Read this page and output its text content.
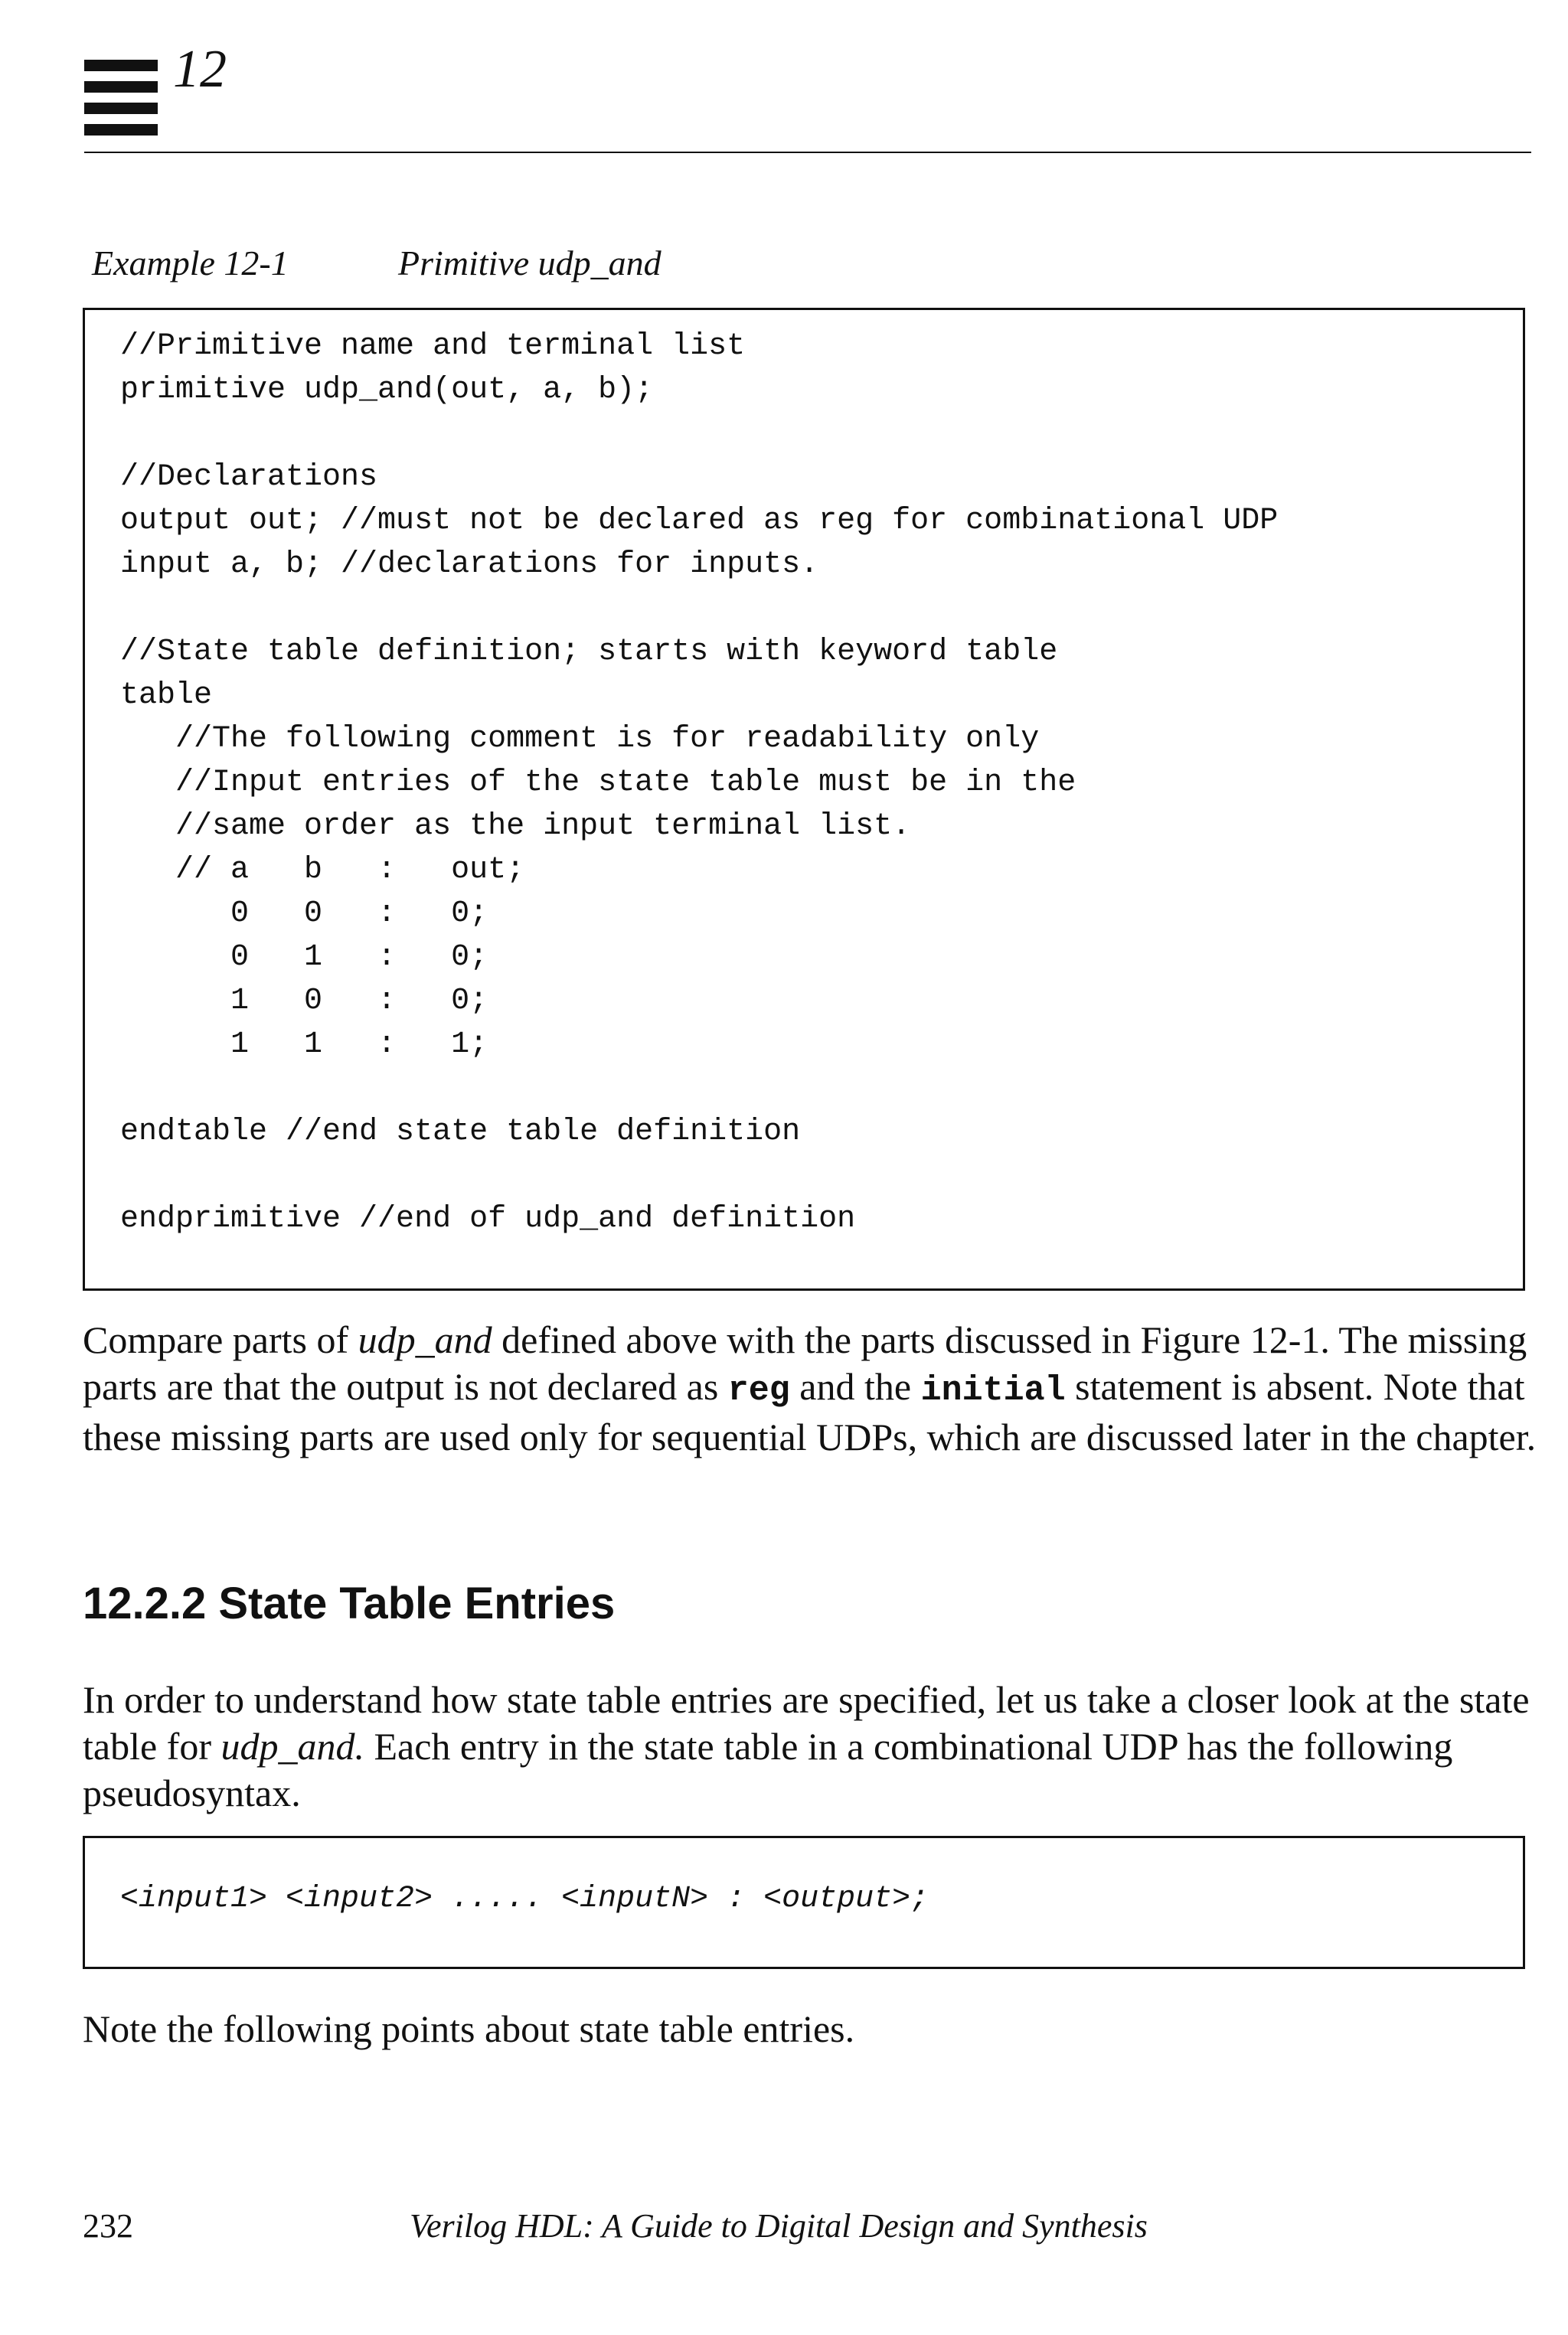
12
Example 12-1	Primitive udp_and
//Primitive name and terminal list
primitive udp_and(out, a, b);
//Declarations
output out; //must not be declared as reg for combinational UDP
input a, b; //declarations for inputs.
//State table definition; starts with keyword table
table
//The following comment is for readability only
//Input entries of the state table must be in the
//same order as the input terminal list.
// a   b   :   out;
0   0   :   0;
0   1   :   0;
1   0   :   0;
1   1   :   1;
endtable //end state table definition
endprimitive //end of udp_and definition
Compare parts of udp_and defined above with the parts discussed in Figure 12-1. The missing parts are that the output is not declared as reg and the initial statement is absent. Note that these missing parts are used only for sequential UDPs, which are discussed later in the chapter.
12.2.2 State Table Entries
In order to understand how state table entries are specified, let us take a closer look at the state table for udp_and. Each entry in the state table in a combinational UDP has the following pseudosyntax.
<input1> <input2> ..... <inputN> : <output>;
Note the following points about state table entries.
232	Verilog HDL: A Guide to Digital Design and Synthesis
